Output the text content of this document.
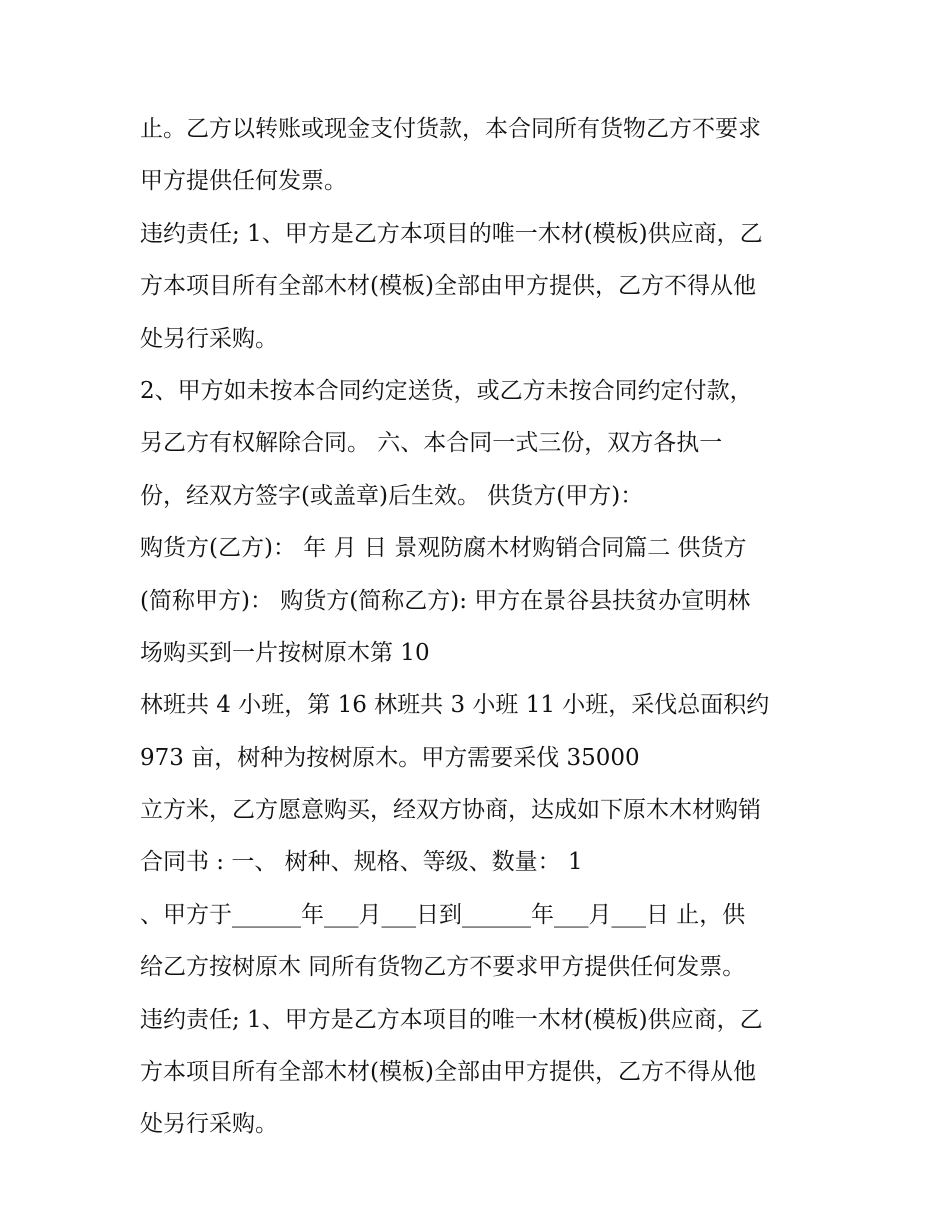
止。乙方以转账或现金支付货款，本合同所有货物乙方不要求
甲方提供任何发票。
违约责任; 1、甲方是乙方本项目的唯一木材(模板)供应商，乙
方本项目所有全部木材(模板)全部由甲方提供，乙方不得从他
处另行采购。
2、甲方如未按本合同约定送货，或乙方未按合同约定付款，
另乙方有权解除合同。 六、本合同一式三份，双方各执一
份，经双方签字(或盖章)后生效。 供货方(甲方)：
购货方(乙方)： 年 月 日 景观防腐木材购销合同篇二 供货方
(简称甲方)： 购货方(简称乙方): 甲方在景谷县扶贫办宣明林
场购买到一片按树原木第 10
林班共 4 小班，第 16 林班共 3 小班 11 小班，采伐总面积约
973 亩，树种为按树原木。甲方需要采伐 35000
立方米，乙方愿意购买，经双方协商，达成如下原木木材购销
合同书 : 一、 树种、规格、等级、数量： 1
、甲方于______年___月___日到______年___月___日 止，供
给乙方按树原木 同所有货物乙方不要求甲方提供任何发票。
违约责任; 1、甲方是乙方本项目的唯一木材(模板)供应商，乙
方本项目所有全部木材(模板)全部由甲方提供，乙方不得从他
处另行采购。
